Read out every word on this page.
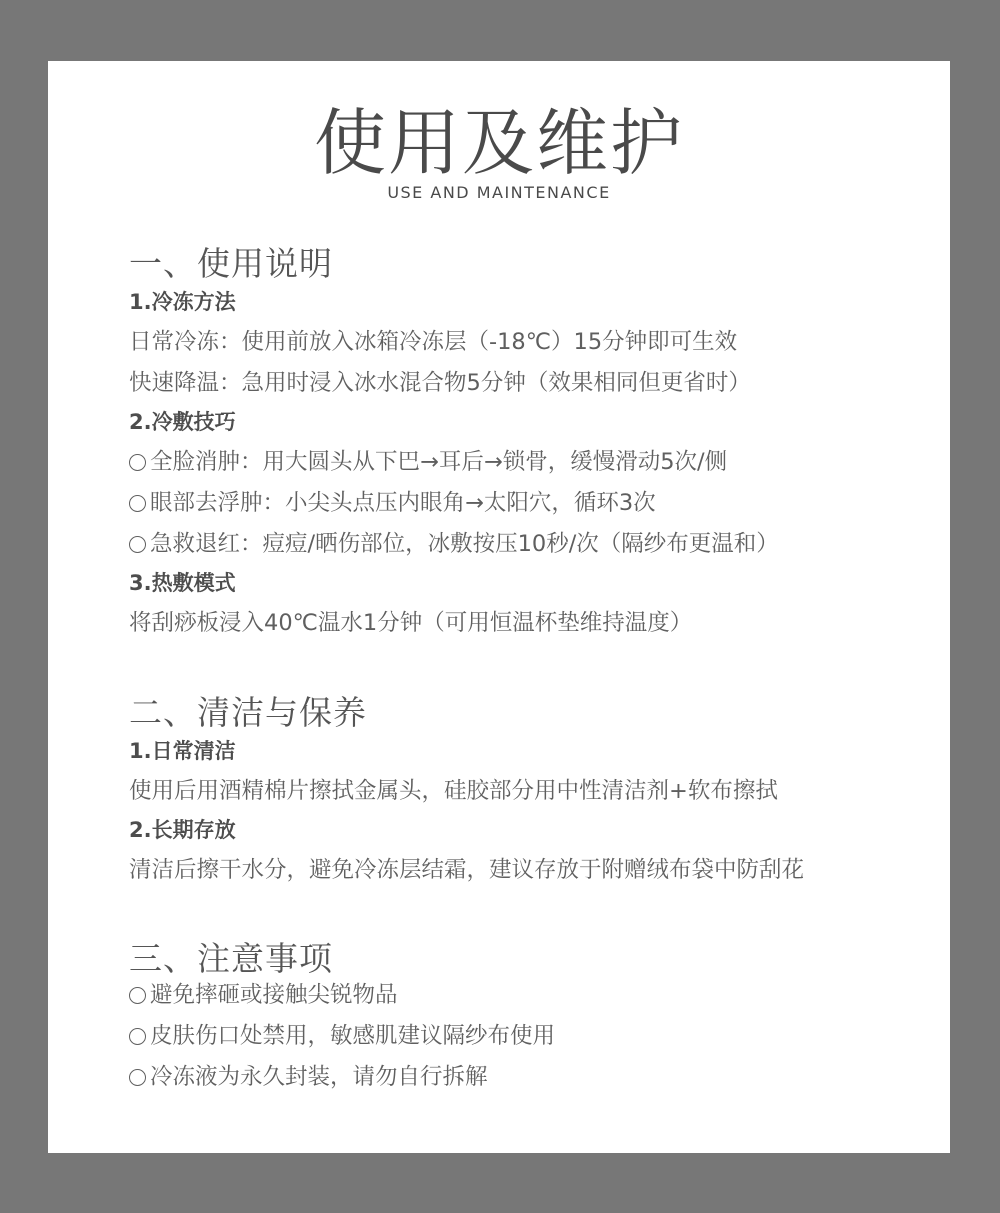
使用及维护
USE AND MAINTENANCE
一、使用说明
1.冷冻方法
日常冷冻：使用前放入冰箱冷冻层（-18℃）15分钟即可生效
快速降温：急用时浸入冰水混合物5分钟（效果相同但更省时）
2.冷敷技巧
全脸消肿：用大圆头从下巴→耳后→锁骨，缓慢滑动5次/侧
眼部去浮肿：小尖头点压内眼角→太阳穴，循环3次
急救退红：痘痘/晒伤部位，冰敷按压10秒/次（隔纱布更温和）
3.热敷模式
将刮痧板浸入40℃温水1分钟（可用恒温杯垫维持温度）
二、清洁与保养
1.日常清洁
使用后用酒精棉片擦拭金属头，硅胶部分用中性清洁剂+软布擦拭
2.长期存放
清洁后擦干水分，避免冷冻层结霜，建议存放于附赠绒布袋中防刮花
三、注意事项
避免摔砸或接触尖锐物品
皮肤伤口处禁用，敏感肌建议隔纱布使用
冷冻液为永久封装，请勿自行拆解
